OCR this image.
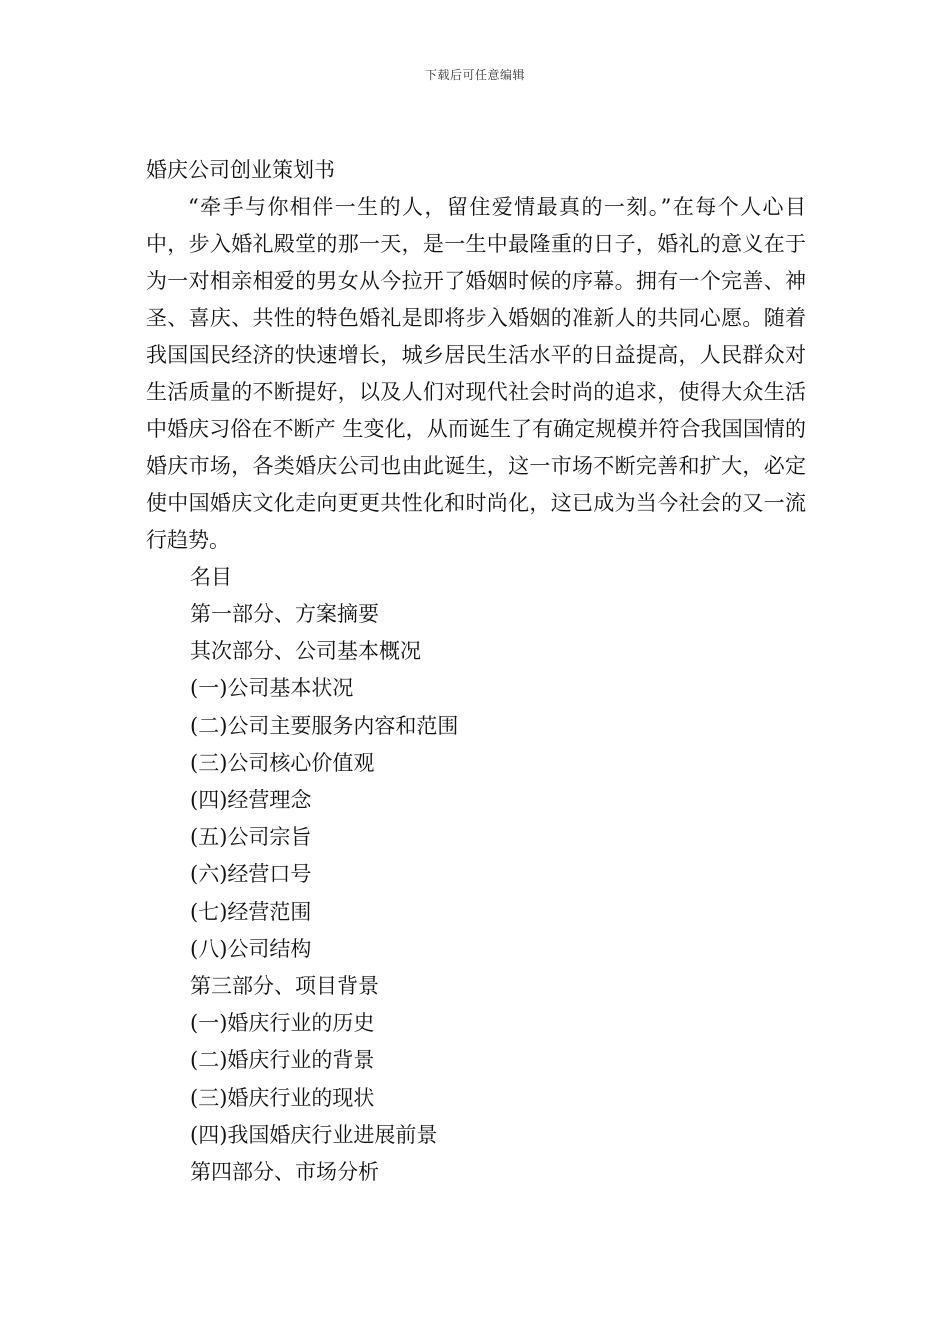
下载后可任意编辑

婚庆公司创业策划书

“牵手与你相伴一生的人，留住爱情最真的一刻。”在每个人心目中，步入婚礼殿堂的那一天，是一生中最隆重的日子，婚礼的意义在于为一对相亲相爱的男女从今拉开了婚姻时候的序幕。拥有一个完善、神圣、喜庆、共性的特色婚礼是即将步入婚姻的准新人的共同心愿。随着我国国民经济的快速增长，城乡居民生活水平的日益提高，人民群众对生活质量的不断提好，以及人们对现代社会时尚的追求，使得大众生活中婚庆习俗在不断产 生变化，从而诞生了有确定规模并符合我国国情的婚庆市场，各类婚庆公司也由此诞生，这一市场不断完善和扩大，必定使中国婚庆文化走向更更共性化和时尚化，这已成为当今社会的又一流 行趋势。

名目

第一部分、方案摘要
其次部分、公司基本概况
(一)公司基本状况
(二)公司主要服务内容和范围
(三)公司核心价值观
(四)经营理念
(五)公司宗旨
(六)经营口号
(七)经营范围
(八)公司结构
第三部分、项目背景
(一)婚庆行业的历史
(二)婚庆行业的背景
(三)婚庆行业的现状
(四)我国婚庆行业进展前景
第四部分、市场分析
